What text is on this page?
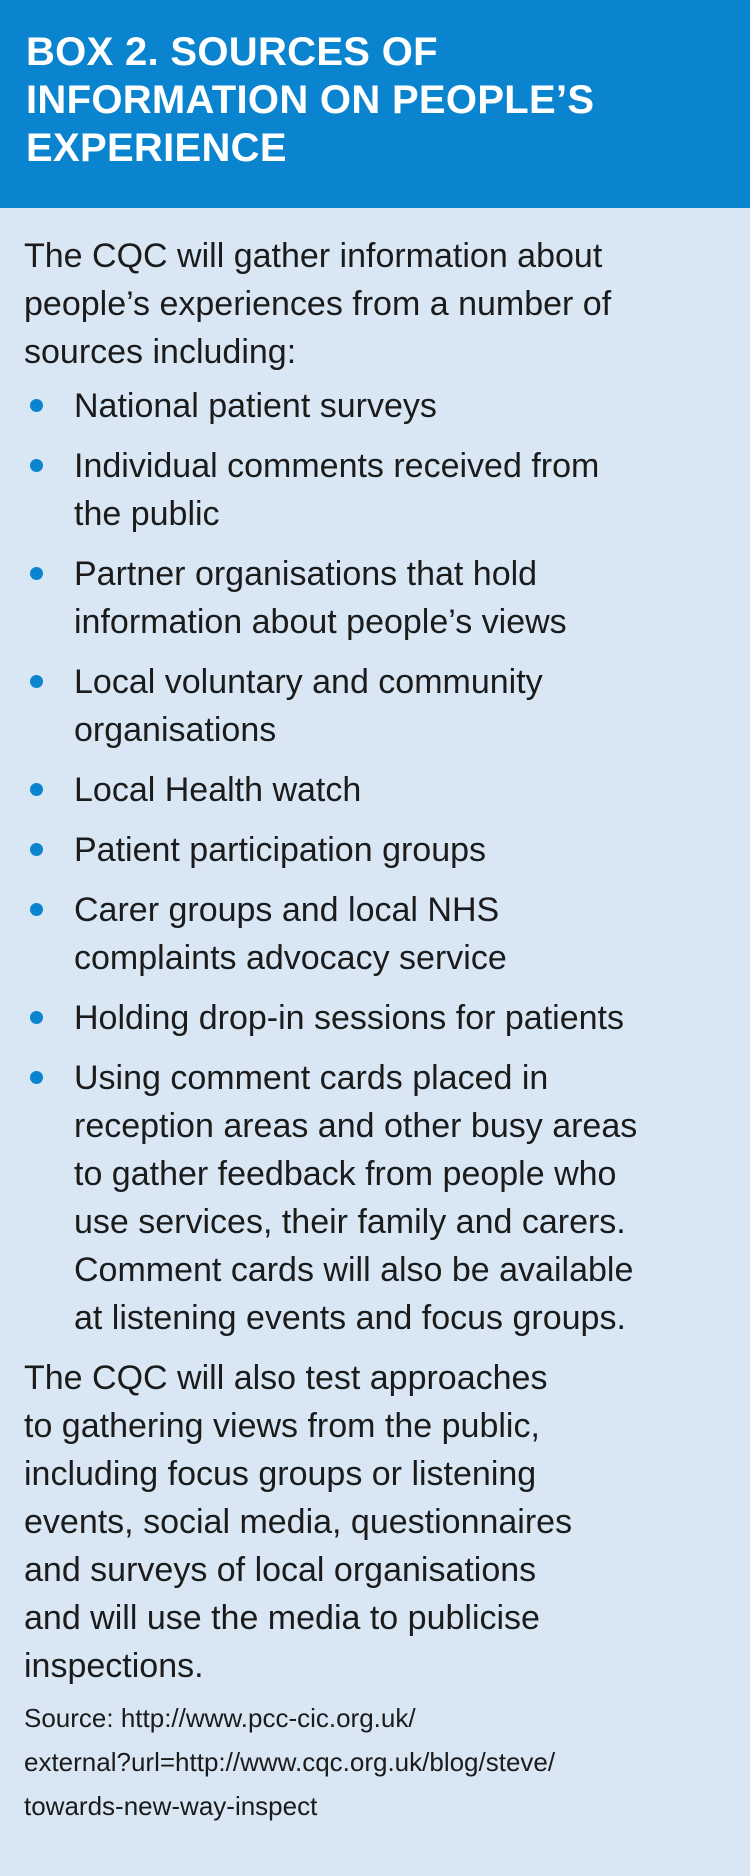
BOX 2. SOURCES OF
INFORMATION ON PEOPLE’S
EXPERIENCE

The CQC will gather information about
people’s experiences from a number of
sources including:

National patient surveys
Individual comments received from
the public
Partner organisations that hold
information about people’s views
Local voluntary and community
organisations
Local Health watch
Patient participation groups
Carer groups and local NHS
complaints advocacy service
Holding drop-in sessions for patients
Using comment cards placed in
reception areas and other busy areas
to gather feedback from people who
use services, their family and carers.
Comment cards will also be available
at listening events and focus groups.

The CQC will also test approaches
to gathering views from the public,
including focus groups or listening
events, social media, questionnaires
and surveys of local organisations
and will use the media to publicise
inspections.

Source: http://www.pcc-cic.org.uk/
external?url=http://www.cqc.org.uk/blog/steve/
towards-new-way-inspect
